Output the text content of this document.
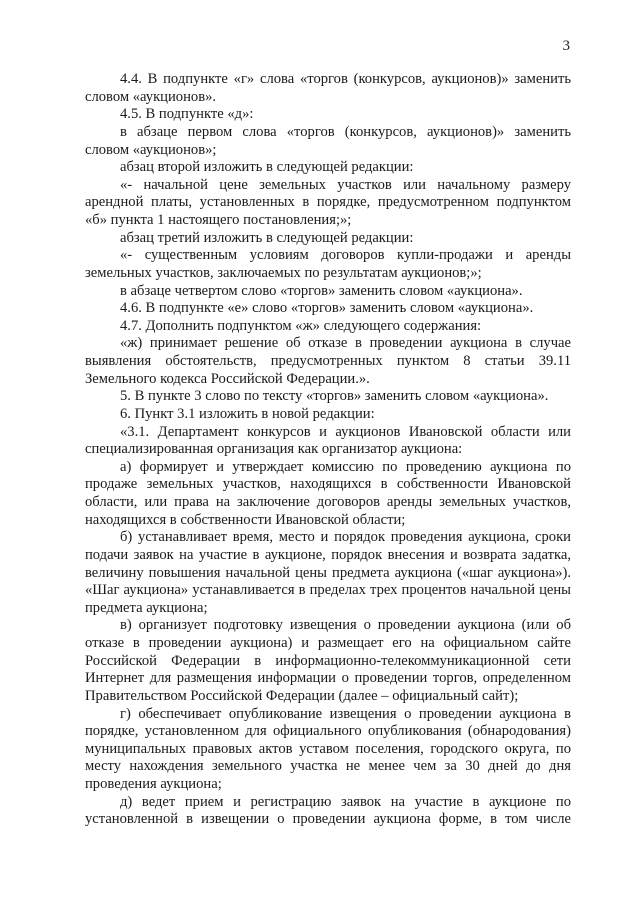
3

4.4. В подпункте «г» слова «торгов (конкурсов, аукционов)» заменить словом «аукционов».

4.5. В подпункте «д»:

в абзаце первом слова «торгов (конкурсов, аукционов)» заменить словом «аукционов»;

абзац второй изложить в следующей редакции:

«- начальной цене земельных участков или начальному размеру арендной платы, установленных в порядке, предусмотренном подпунктом «б» пункта 1 настоящего постановления;»;

абзац третий изложить в следующей редакции:

«- существенным условиям договоров купли-продажи и аренды земельных участков, заключаемых по результатам аукционов;»;

в абзаце четвертом слово «торгов» заменить словом «аукциона».

4.6. В подпункте «е» слово «торгов» заменить словом «аукциона».

4.7. Дополнить подпунктом «ж» следующего содержания:

«ж) принимает решение об отказе в проведении аукциона в случае выявления обстоятельств, предусмотренных пунктом 8 статьи 39.11 Земельного кодекса Российской Федерации.».

5. В пункте 3 слово по тексту «торгов» заменить словом «аукциона».

6. Пункт 3.1 изложить в новой редакции:

«3.1. Департамент конкурсов и аукционов Ивановской области или специализированная организация как организатор аукциона:

а) формирует и утверждает комиссию по проведению аукциона по продаже земельных участков, находящихся в собственности Ивановской области, или права на заключение договоров аренды земельных участков, находящихся в собственности Ивановской области;

б) устанавливает время, место и порядок проведения аукциона, сроки подачи заявок на участие в аукционе, порядок внесения и возврата задатка, величину повышения начальной цены предмета аукциона («шаг аукциона»). «Шаг аукциона» устанавливается в пределах трех процентов начальной цены предмета аукциона;

в) организует подготовку извещения о проведении аукциона (или об отказе в проведении аукциона) и размещает его на официальном сайте Российской Федерации в информационно-телекоммуникационной сети Интернет для размещения информации о проведении торгов, определенном Правительством Российской Федерации (далее – официальный сайт);

г) обеспечивает опубликование извещения о проведении аукциона в порядке, установленном для официального опубликования (обнародования) муниципальных правовых актов уставом поселения, городского округа, по месту нахождения земельного участка не менее чем за 30 дней до дня проведения аукциона;

д) ведет прием и регистрацию заявок на участие в аукционе по установленной в извещении о проведении аукциона форме, в том числе
